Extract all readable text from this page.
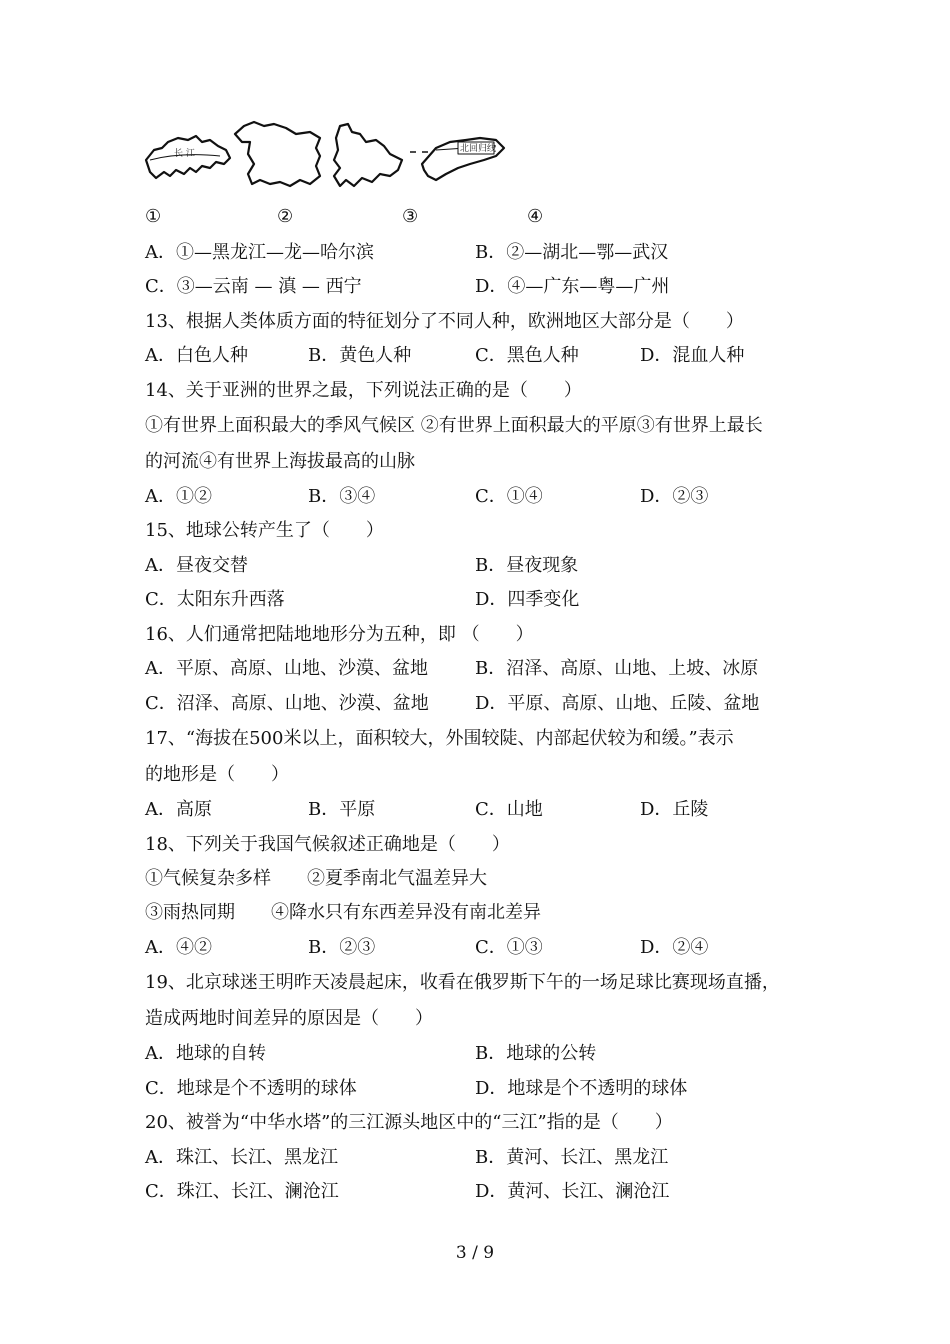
长 江	北回归线
①	②	③	④
A．①—黑龙江—龙—哈尔滨	B．②—湖北—鄂—武汉
C．③—云南 — 滇 — 西宁	D．④—广东—粤—广州
13、根据人类体质方面的特征划分了不同人种，欧洲地区大部分是（　　）
A．白色人种	B．黄色人种	C．黑色人种	D．混血人种
14、关于亚洲的世界之最，下列说法正确的是（　　）
①有世界上面积最大的季风气候区 ②有世界上面积最大的平原③有世界上最长
的河流④有世界上海拔最高的山脉
A．①②	B．③④	C．①④	D．②③
15、地球公转产生了（　　）
A．昼夜交替	B．昼夜现象
C．太阳东升西落	D．四季变化
16、人们通常把陆地地形分为五种，即 （　　）
A．平原、高原、山地、沙漠、盆地	B．沼泽、高原、山地、上坡、冰原
C．沼泽、高原、山地、沙漠、盆地	D．平原、高原、山地、丘陵、盆地
17、“海拔在500米以上，面积较大，外围较陡、内部起伏较为和缓。”表示
的地形是（　　）
A．高原	B．平原	C．山地	D．丘陵
18、下列关于我国气候叙述正确地是（　　）
①气候复杂多样　　②夏季南北气温差异大
③雨热同期　　④降水只有东西差异没有南北差异
A．④②	B．②③	C．①③	D．②④
19、北京球迷王明昨天凌晨起床，收看在俄罗斯下午的一场足球比赛现场直播，
造成两地时间差异的原因是（　　）
A．地球的自转	B．地球的公转
C．地球是个不透明的球体	D．地球是个不透明的球体
20、被誉为“中华水塔”的三江源头地区中的“三江”指的是（　　）
A．珠江、长江、黑龙江	B．黄河、长江、黑龙江
C．珠江、长江、澜沧江	D．黄河、长江、澜沧江
3 / 9
